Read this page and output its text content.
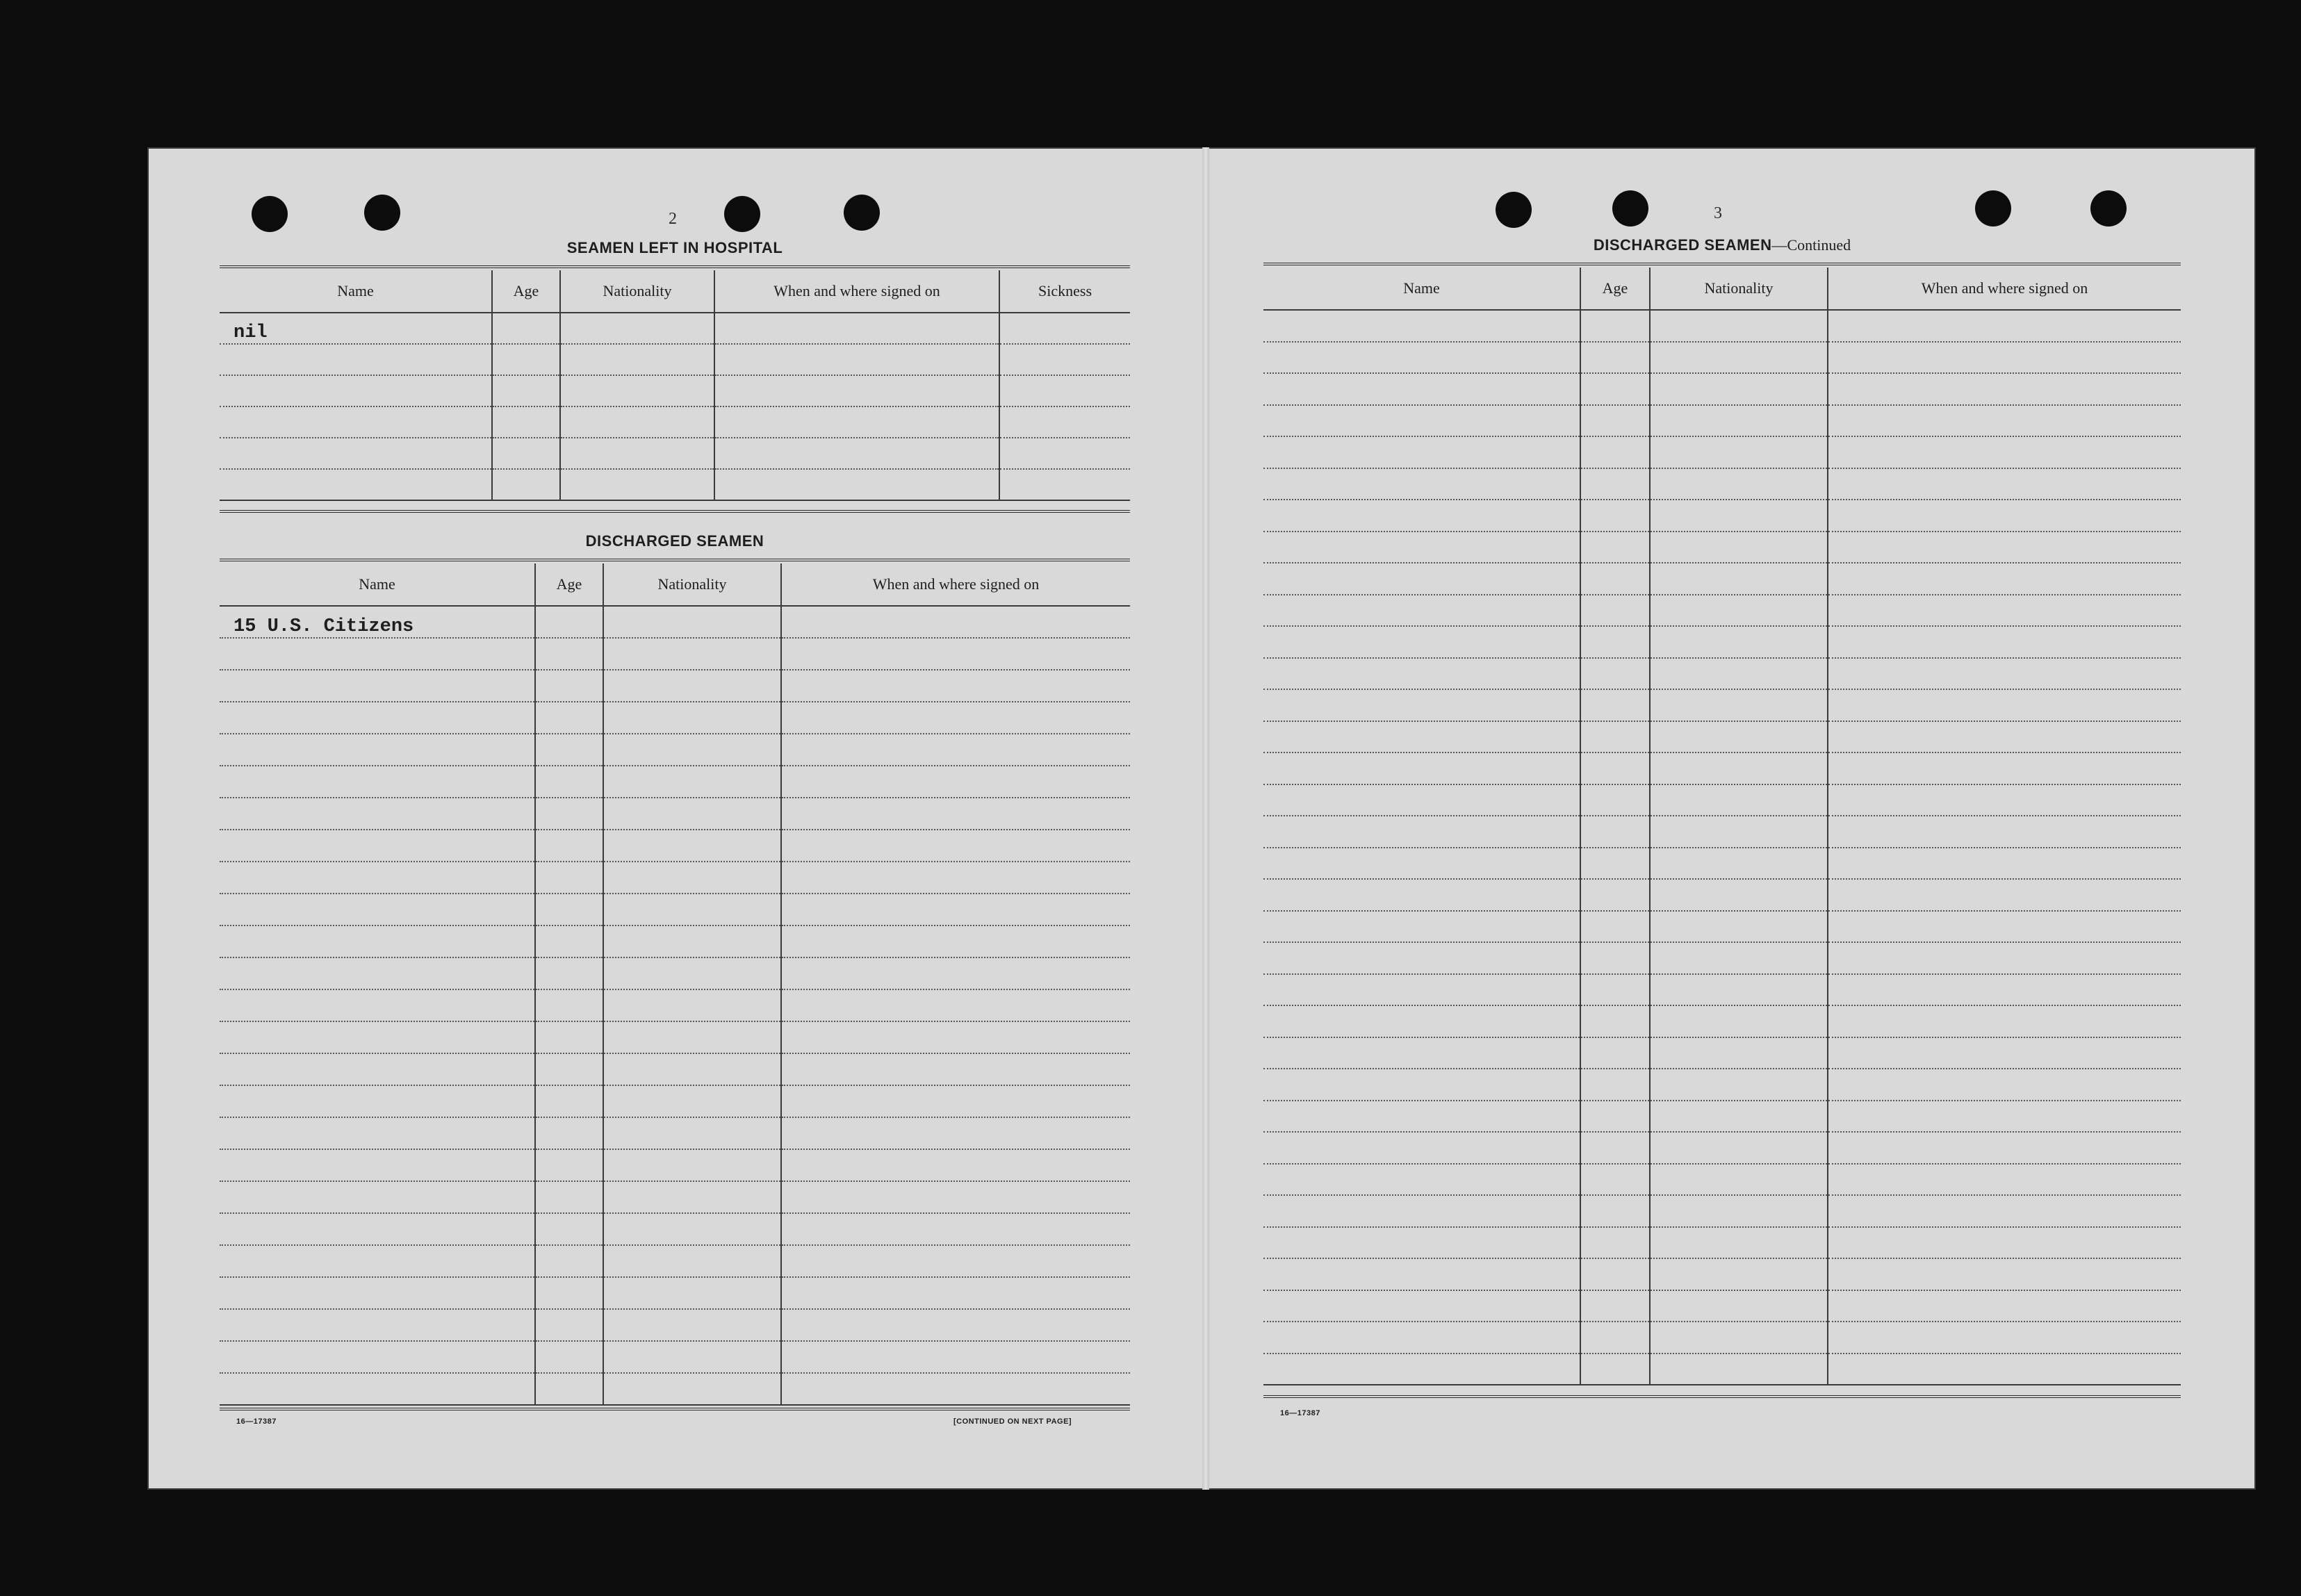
2
SEAMEN LEFT IN HOSPITAL
Name	Age	Nationality	When and where signed on	Sickness
nil				

DISCHARGED SEAMEN
Name	Age	Nationality	When and where signed on
15 U.S. Citizens			

16—17387	[CONTINUED ON NEXT PAGE]
3
DISCHARGED SEAMEN—Continued
Name	Age	Nationality	When and where signed on

16—17387
